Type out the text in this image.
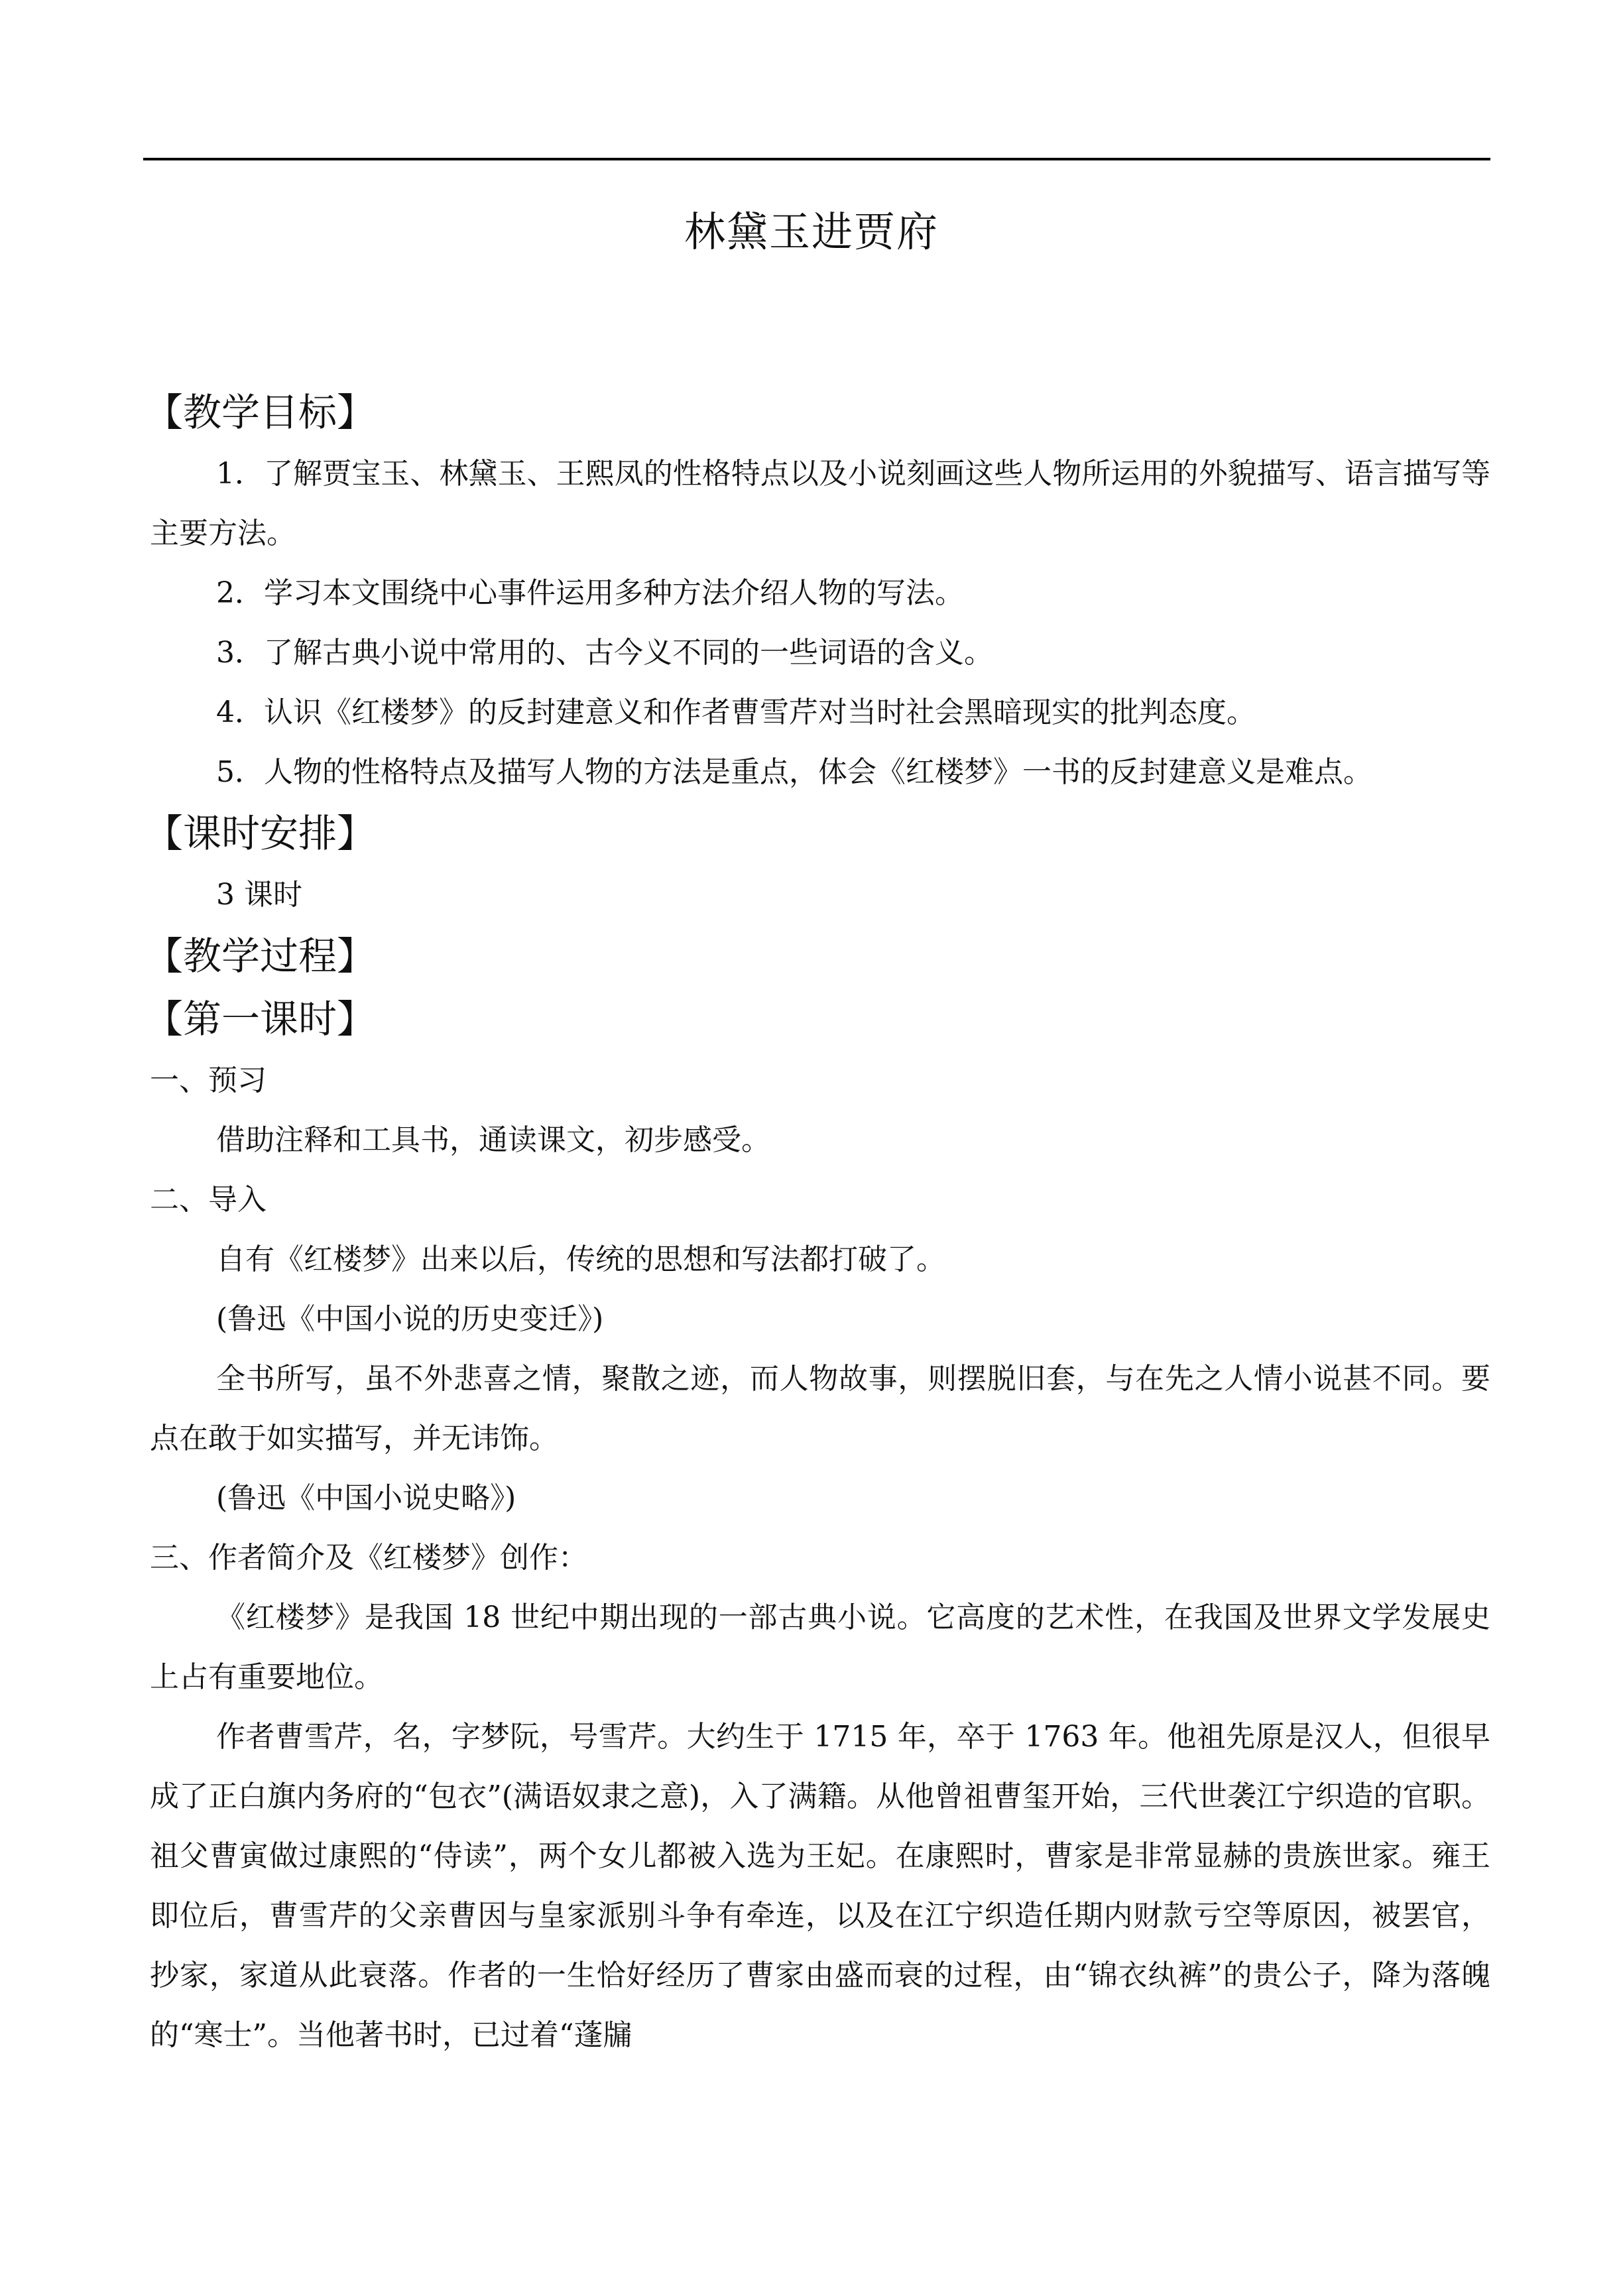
林黛玉进贾府
【教学目标】
1．了解贾宝玉、林黛玉、王熙凤的性格特点以及小说刻画这些人物所运用的外貌描写、语言描写等主要方法。
2．学习本文围绕中心事件运用多种方法介绍人物的写法。
3．了解古典小说中常用的、古今义不同的一些词语的含义。
4．认识《红楼梦》的反封建意义和作者曹雪芹对当时社会黑暗现实的批判态度。
5．人物的性格特点及描写人物的方法是重点，体会《红楼梦》一书的反封建意义是难点。
【课时安排】
3 课时
【教学过程】
【第一课时】
一、预习
借助注释和工具书，通读课文，初步感受。
二、导入
自有《红楼梦》出来以后，传统的思想和写法都打破了。
(鲁迅《中国小说的历史变迁》)
全书所写，虽不外悲喜之情，聚散之迹，而人物故事，则摆脱旧套，与在先之人情小说甚不同。要点在敢于如实描写，并无讳饰。
(鲁迅《中国小说史略》)
三、作者简介及《红楼梦》创作：
《红楼梦》是我国 18 世纪中期出现的一部古典小说。它高度的艺术性，在我国及世界文学发展史上占有重要地位。
作者曹雪芹，名，字梦阮，号雪芹。大约生于 1715 年，卒于 1763 年。他祖先原是汉人，但很早成了正白旗内务府的“包衣”(满语奴隶之意)，入了满籍。从他曾祖曹玺开始，三代世袭江宁织造的官职。祖父曹寅做过康熙的“侍读”，两个女儿都被入选为王妃。在康熙时，曹家是非常显赫的贵族世家。雍王即位后，曹雪芹的父亲曹因与皇家派别斗争有牵连，以及在江宁织造任期内财款亏空等原因，被罢官，抄家，家道从此衰落。作者的一生恰好经历了曹家由盛而衰的过程，由“锦衣纨裤”的贵公子，降为落魄的“寒士”。当他著书时，已过着“蓬牖
